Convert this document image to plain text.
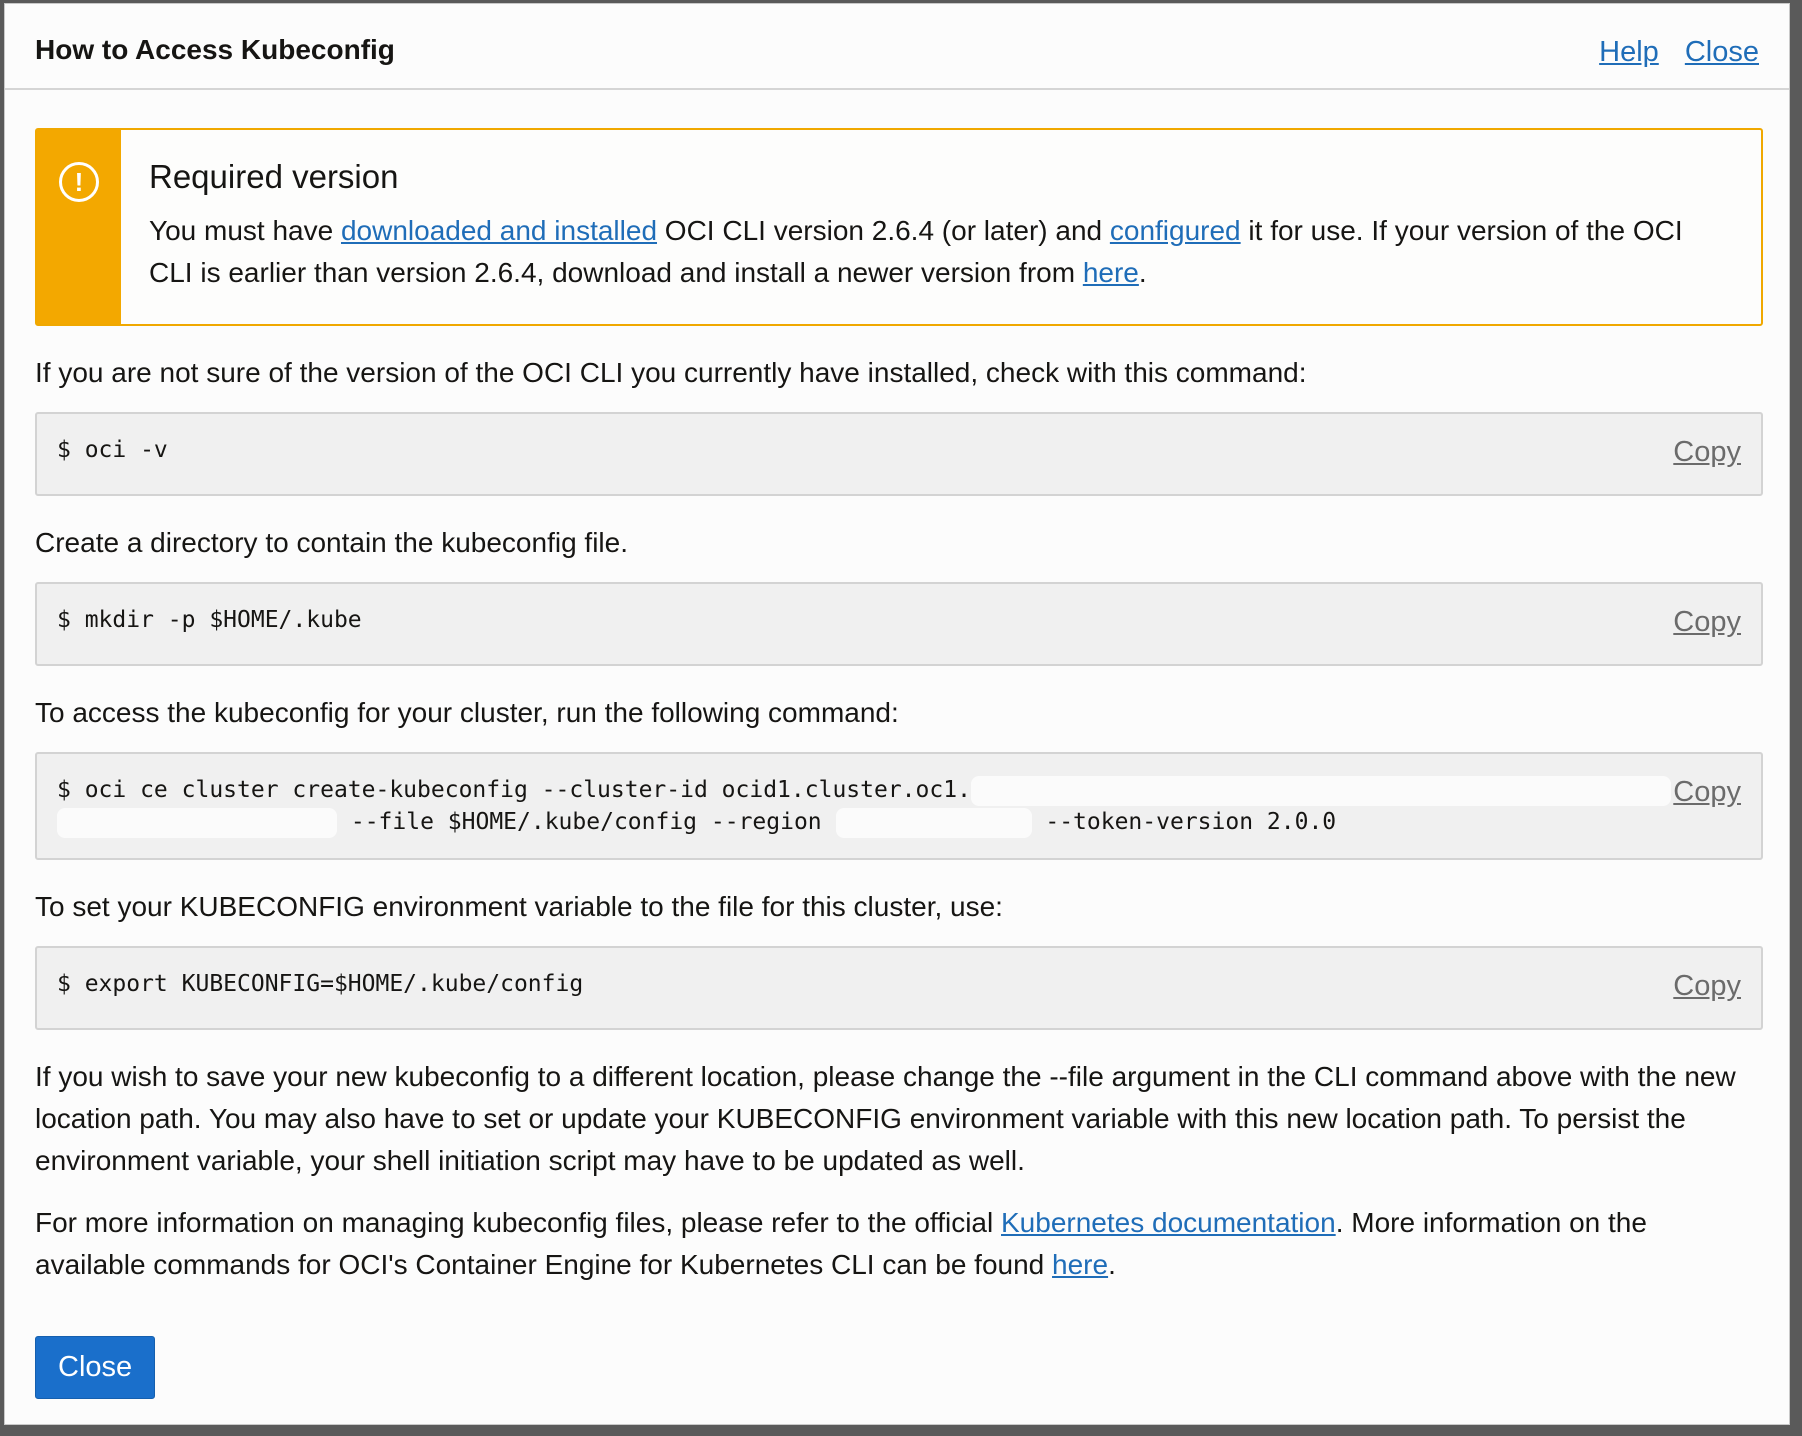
How to Access Kubeconfig	Help Close
!	Required version
You must have downloaded and installed OCI CLI version 2.6.4 (or later) and configured it for use. If your version of the OCI CLI is earlier than version 2.6.4, download and install a newer version from here.
If you are not sure of the version of the OCI CLI you currently have installed, check with this command:
$ oci -v	Copy
Create a directory to contain the kubeconfig file.
$ mkdir -p $HOME/.kube	Copy
To access the kubeconfig for your cluster, run the following command:
$ oci ce cluster create-kubeconfig --cluster-id ocid1.cluster.oc1.
--file $HOME/.kube/config --region	--token-version 2.0.0
Copy
To set your KUBECONFIG environment variable to the file for this cluster, use:
$ export KUBECONFIG=$HOME/.kube/config	Copy
If you wish to save your new kubeconfig to a different location, please change the --file argument in the CLI command above with the new location path. You may also have to set or update your KUBECONFIG environment variable with this new location path. To persist the environment variable, your shell initiation script may have to be updated as well.
For more information on managing kubeconfig files, please refer to the official Kubernetes documentation. More information on the available commands for OCI's Container Engine for Kubernetes CLI can be found here.
Close
